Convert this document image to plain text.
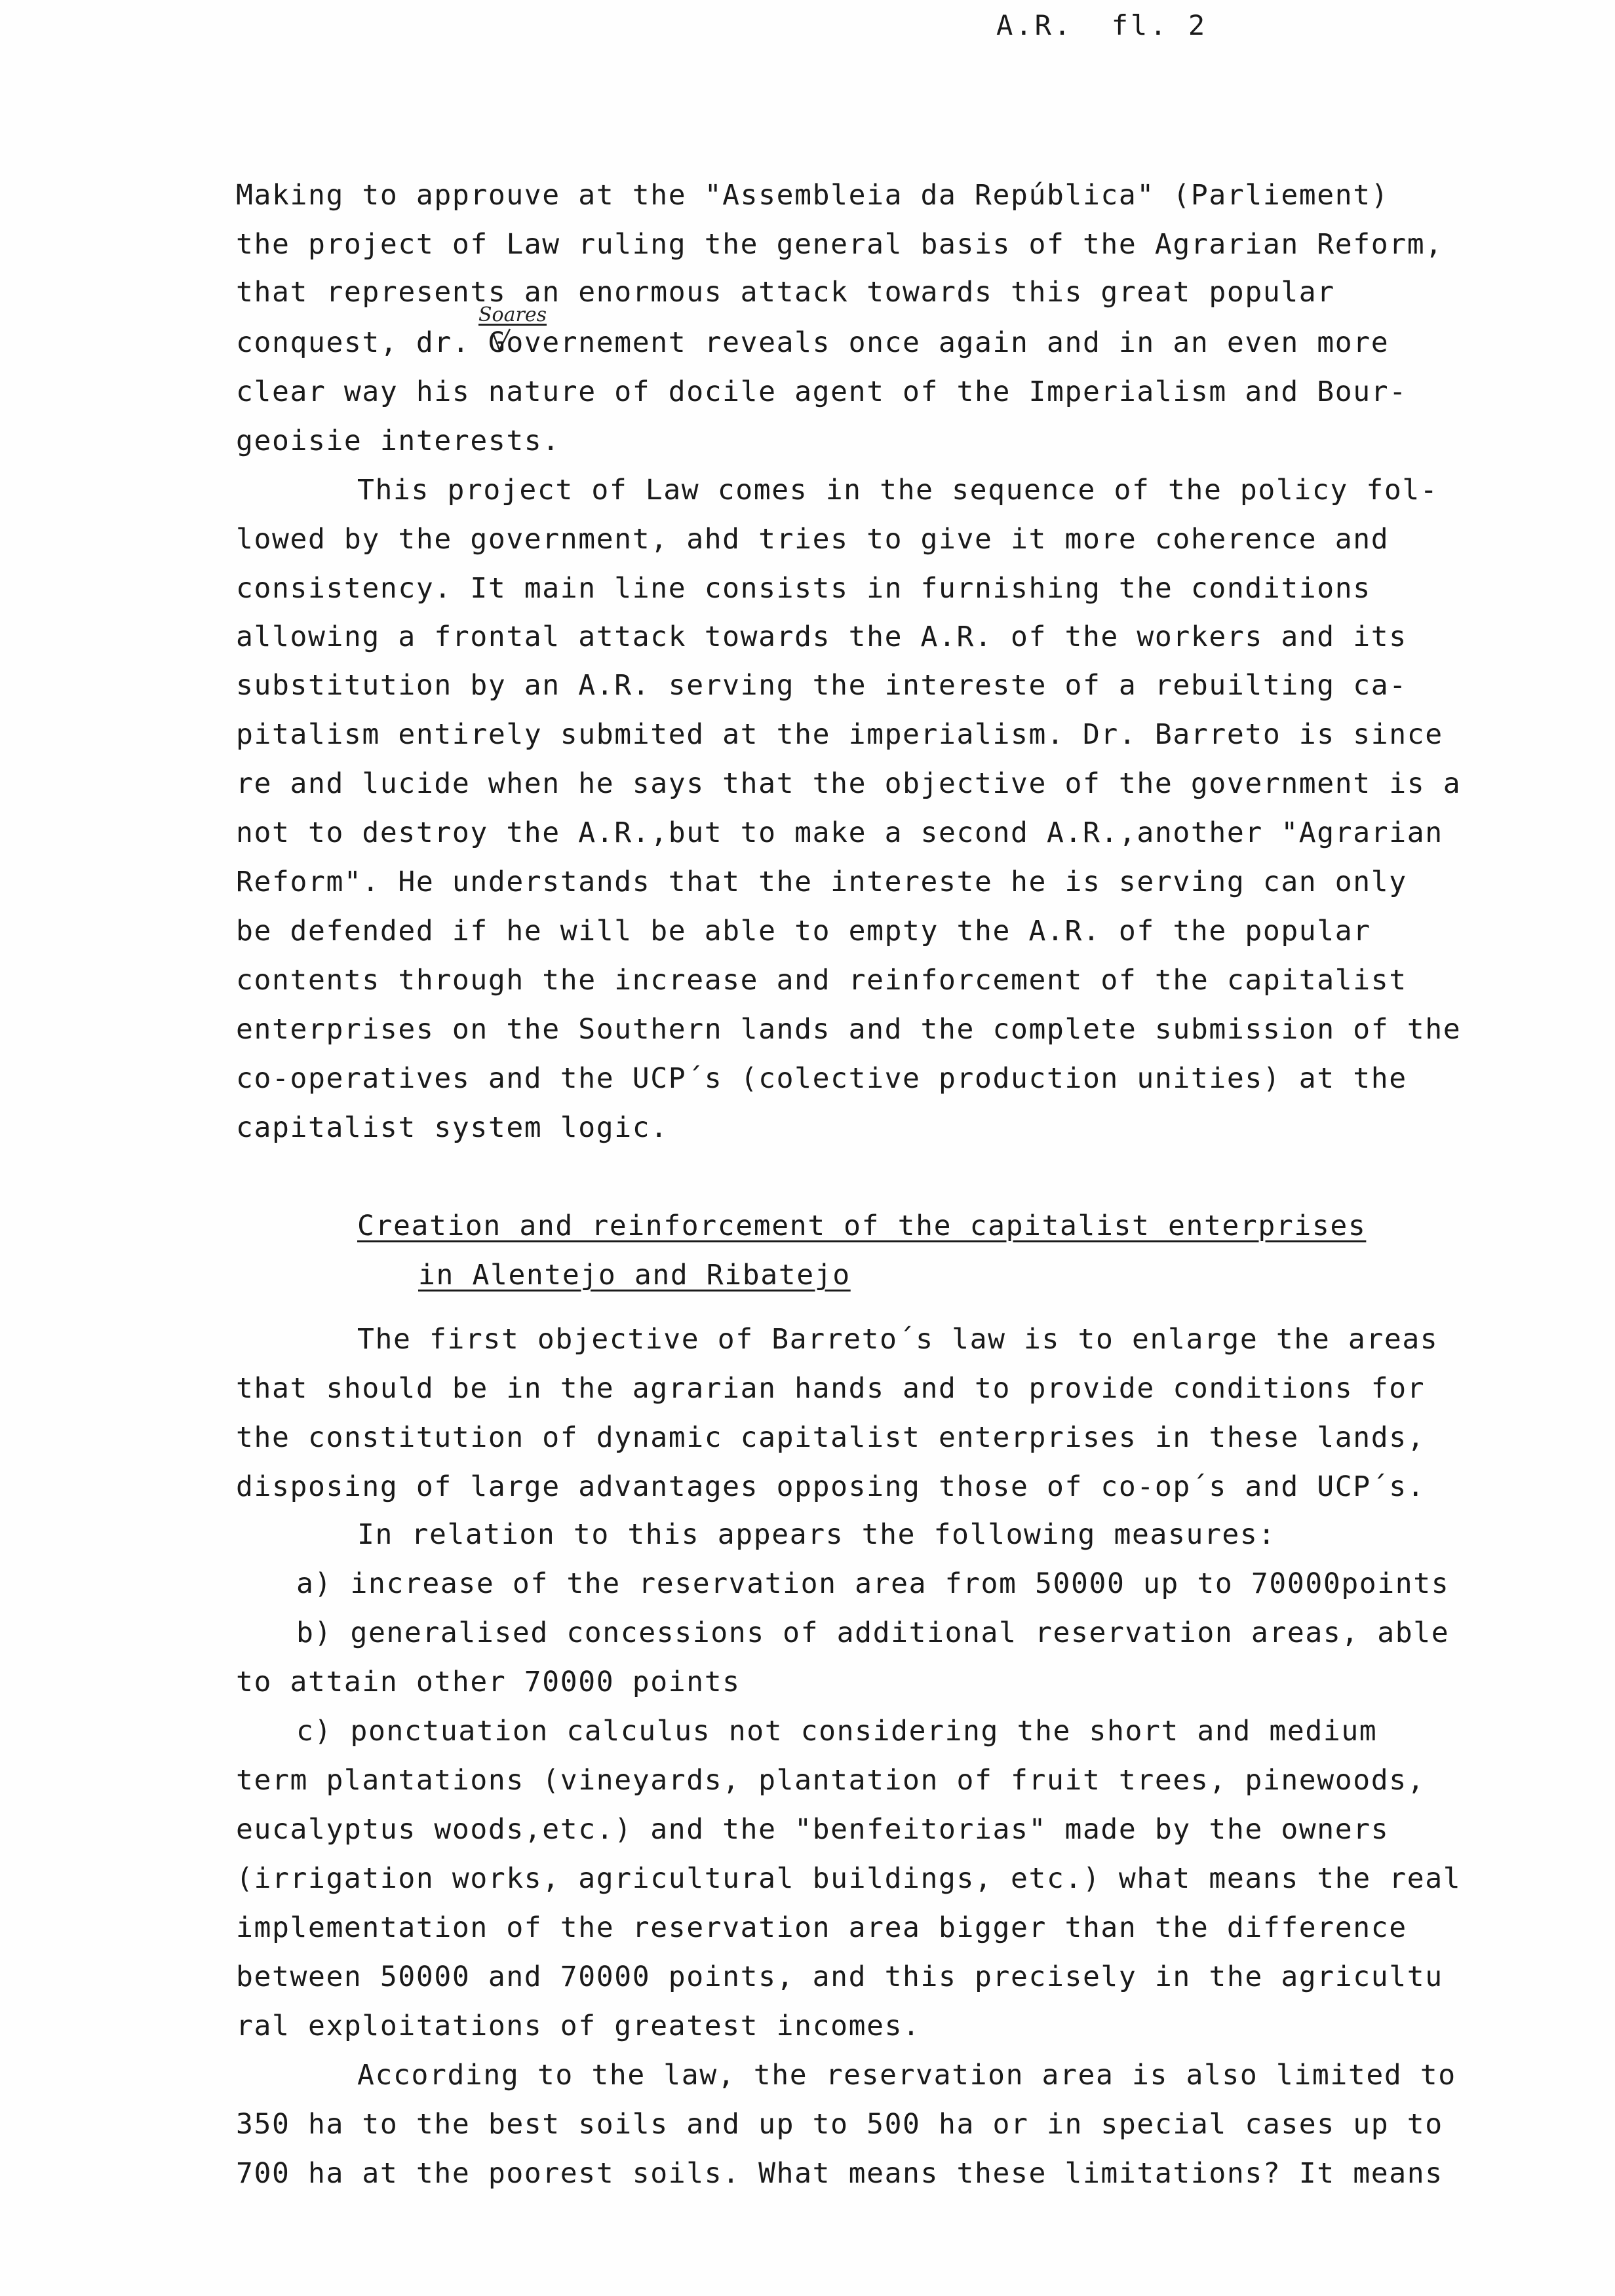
A.R.  fl. 2
Soares
Making to approuve at the "Assembleia da República" (Parliement)
the project of Law ruling the general basis of the Agrarian Reform,
that represents an enormous attack towards this great popular
conquest, dr. Governement reveals once again and in an even more
clear way his nature of docile agent of the Imperialism and Bour-
geoisie interests.
This project of Law comes in the sequence of the policy fol-
lowed by the government, ahd tries to give it more coherence and
consistency. It main line consists in furnishing the conditions
allowing a frontal attack towards the A.R. of the workers and its
substitution by an A.R. serving the intereste of a rebuilting ca-
pitalism entirely submited at the imperialism. Dr. Barreto is since
re and lucide when he says that the objective of the government is a
not to destroy the A.R.,but to make a second A.R.,another "Agrarian
Reform". He understands that the intereste he is serving can only
be defended if he will be able to empty the A.R. of the popular
contents through the increase and reinforcement of the capitalist
enterprises on the Southern lands and the complete submission of the
co-operatives and the UCP´s (colective production unities) at the
capitalist system logic.
Creation and reinforcement of the capitalist enterprises
in Alentejo and Ribatejo
The first objective of Barreto´s law is to enlarge the areas
that should be in the agrarian hands and to provide conditions for
the constitution of dynamic capitalist enterprises in these lands,
disposing of large advantages opposing those of co-op´s and UCP´s.
In relation to this appears the following measures:
a) increase of the reservation area from 50000 up to 70000points
b) generalised concessions of additional reservation areas, able
to attain other 70000 points
c) ponctuation calculus not considering the short and medium
term plantations (vineyards, plantation of fruit trees, pinewoods,
eucalyptus woods,etc.) and the "benfeitorias" made by the owners
(irrigation works, agricultural buildings, etc.) what means the real
implementation of the reservation area bigger than the difference
between 50000 and 70000 points, and this precisely in the agricultu
ral exploitations of greatest incomes.
According to the law, the reservation area is also limited to
350 ha to the best soils and up to 500 ha or in special cases up to
700 ha at the poorest soils. What means these limitations? It means
